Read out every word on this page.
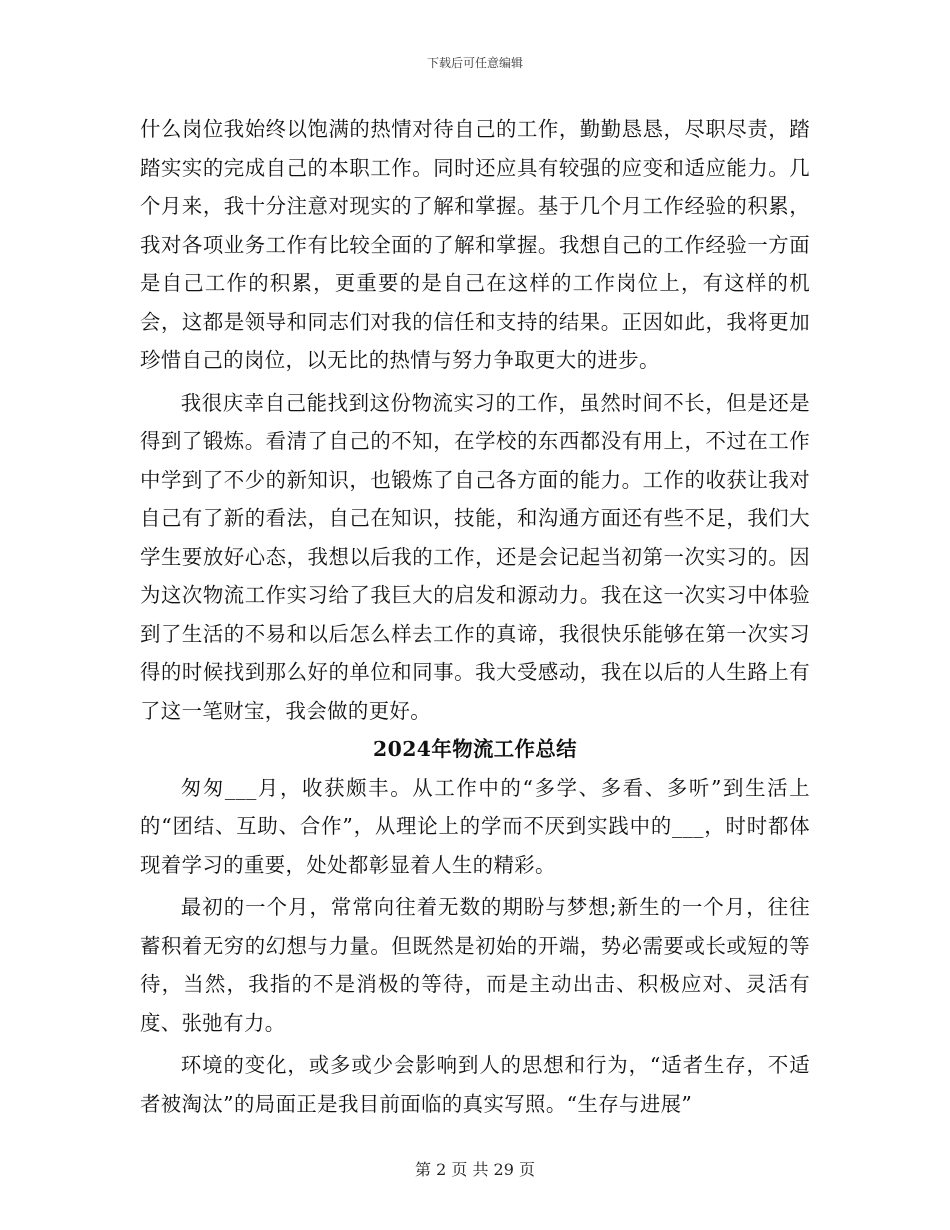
下载后可任意编辑

什么岗位我始终以饱满的热情对待自己的工作，勤勤恳恳，尽职尽责，踏踏实实的完成自己的本职工作。同时还应具有较强的应变和适应能力。几个月来，我十分注意对现实的了解和掌握。基于几个月工作经验的积累，我对各项业务工作有比较全面的了解和掌握。我想自己的工作经验一方面是自己工作的积累，更重要的是自己在这样的工作岗位上，有这样的机会，这都是领导和同志们对我的信任和支持的结果。正因如此，我将更加珍惜自己的岗位，以无比的热情与努力争取更大的进步。

我很庆幸自己能找到这份物流实习的工作，虽然时间不长，但是还是得到了锻炼。看清了自己的不知，在学校的东西都没有用上，不过在工作中学到了不少的新知识，也锻炼了自己各方面的能力。工作的收获让我对自己有了新的看法，自己在知识，技能，和沟通方面还有些不足，我们大学生要放好心态，我想以后我的工作，还是会记起当初第一次实习的。因为这次物流工作实习给了我巨大的启发和源动力。我在这一次实习中体验到了生活的不易和以后怎么样去工作的真谛，我很快乐能够在第一次实习得的时候找到那么好的单位和同事。我大受感动，我在以后的人生路上有了这一笔财宝，我会做的更好。

2024年物流工作总结

匆匆___月，收获颇丰。从工作中的“多学、多看、多听”到生活上的“团结、互助、合作”，从理论上的学而不厌到实践中的___，时时都体现着学习的重要，处处都彰显着人生的精彩。

最初的一个月，常常向往着无数的期盼与梦想;新生的一个月，往往蓄积着无穷的幻想与力量。但既然是初始的开端，势必需要或长或短的等待，当然，我指的不是消极的等待，而是主动出击、积极应对、灵活有度、张弛有力。

环境的变化，或多或少会影响到人的思想和行为，“适者生存，不适者被淘汰”的局面正是我目前面临的真实写照。“生存与进展”

第 2 页 共 29 页
